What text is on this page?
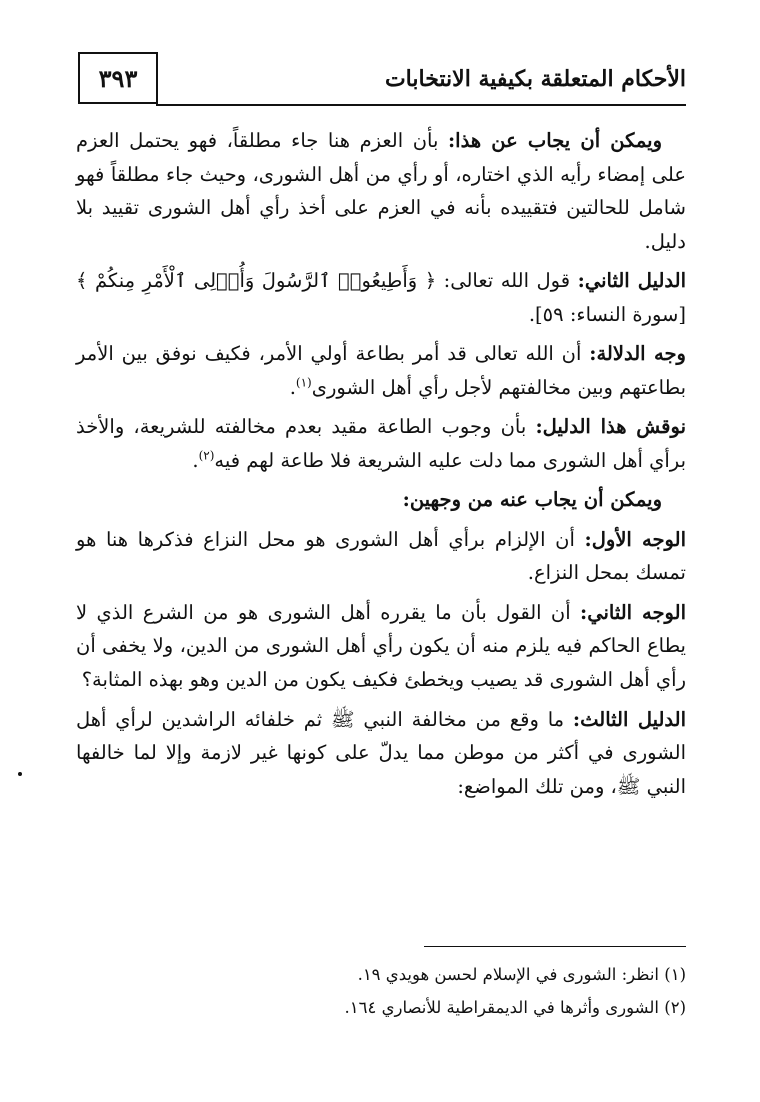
٣٩٣	الأحكام المتعلقة بكيفية الانتخابات

ويمكن أن يجاب عن هذا: بأن العزم هنا جاء مطلقاً، فهو يحتمل العزم على إمضاء رأيه الذي اختاره، أو رأي من أهل الشورى، وحيث جاء مطلقاً فهو شامل للحالتين فتقييده بأنه في العزم على أخذ رأي أهل الشورى تقييد بلا دليل.

الدليل الثاني: قول الله تعالى: ﴿ وَأَطِيعُوا۟ ٱلرَّسُولَ وَأُو۟لِى ٱلْأَمْرِ مِنكُمْ ﴾ [سورة النساء: ٥٩].

وجه الدلالة: أن الله تعالى قد أمر بطاعة أولي الأمر، فكيف نوفق بين الأمر بطاعتهم وبين مخالفتهم لأجل رأي أهل الشورى$^{(١)}$.

نوقش هذا الدليل: بأن وجوب الطاعة مقيد بعدم مخالفته للشريعة، والأخذ برأي أهل الشورى مما دلت عليه الشريعة فلا طاعة لهم فيه$^{(٢)}$.

ويمكن أن يجاب عنه من وجهين:

الوجه الأول: أن الإلزام برأي أهل الشورى هو محل النزاع فذكرها هنا هو تمسك بمحل النزاع.

الوجه الثاني: أن القول بأن ما يقرره أهل الشورى هو من الشرع الذي لا يطاع الحاكم فيه يلزم منه أن يكون رأي أهل الشورى من الدين، ولا يخفى أن رأي أهل الشورى قد يصيب ويخطئ فكيف يكون من الدين وهو بهذه المثابة؟

الدليل الثالث: ما وقع من مخالفة النبي ﷺ ثم خلفائه الراشدين لرأي أهل الشورى في أكثر من موطن مما يدلّ على كونها غير لازمة وإلا لما خالفها النبي ﷺ، ومن تلك المواضع:

(١) انظر: الشورى في الإسلام لحسن هويدي ١٩.

(٢) الشورى وأثرها في الديمقراطية للأنصاري ١٦٤.
